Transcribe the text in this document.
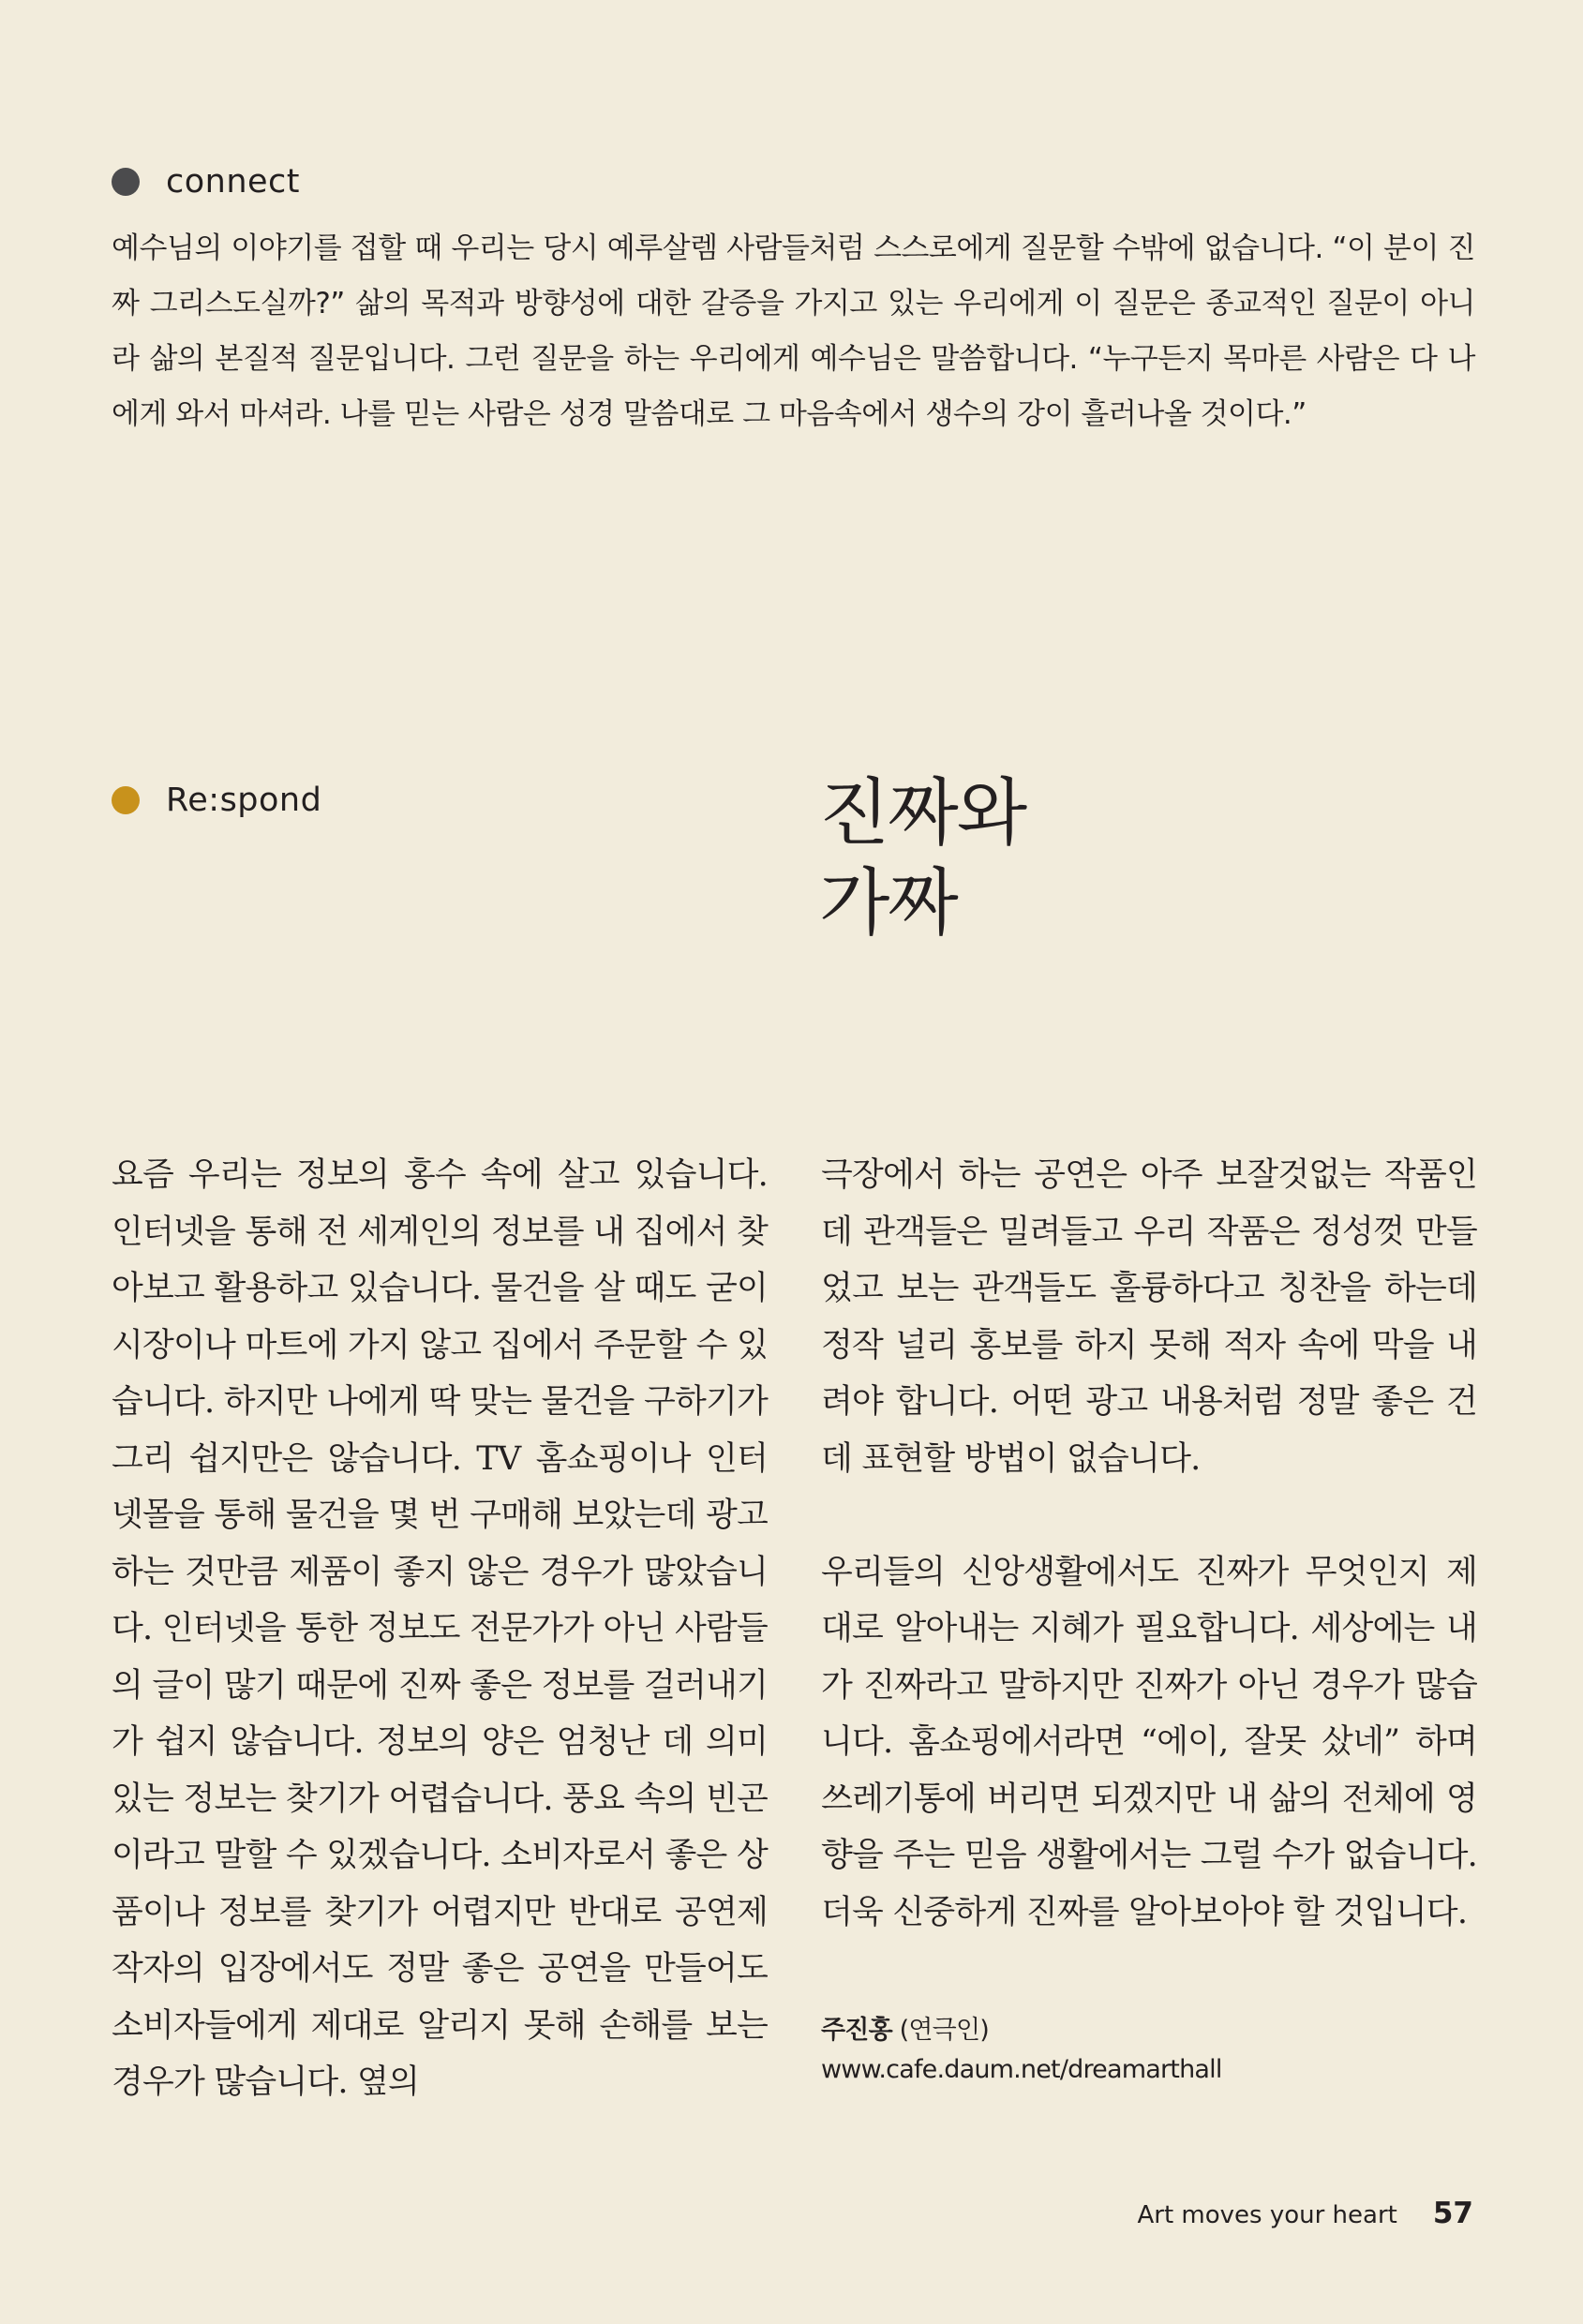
connect
예수님의 이야기를 접할 때 우리는 당시 예루살렘 사람들처럼 스스로에게 질문할 수밖에 없습니다. “이 분이 진짜 그리스도실까?” 삶의 목적과 방향성에 대한 갈증을 가지고 있는 우리에게 이 질문은 종교적인 질문이 아니라 삶의 본질적 질문입니다. 그런 질문을 하는 우리에게 예수님은 말씀합니다. “누구든지 목마른 사람은 다 나에게 와서 마셔라. 나를 믿는 사람은 성경 말씀대로 그 마음속에서 생수의 강이 흘러나올 것이다.”
Re:spond	진짜와
가짜

요즘 우리는 정보의 홍수 속에 살고 있습니다. 인터넷을 통해 전 세계인의 정보를 내 집에서 찾아보고 활용하고 있습니다. 물건을 살 때도 굳이 시장이나 마트에 가지 않고 집에서 주문할 수 있습니다. 하지만 나에게 딱 맞는 물건을 구하기가 그리 쉽지만은 않습니다. TV 홈쇼핑이나 인터넷몰을 통해 물건을 몇 번 구매해 보았는데 광고하는 것만큼 제품이 좋지 않은 경우가 많았습니다. 인터넷을 통한 정보도 전문가가 아닌 사람들의 글이 많기 때문에 진짜 좋은 정보를 걸러내기가 쉽지 않습니다. 정보의 양은 엄청난 데 의미 있는 정보는 찾기가 어렵습니다. 풍요 속의 빈곤이라고 말할 수 있겠습니다. 소비자로서 좋은 상품이나 정보를 찾기가 어렵지만 반대로 공연제작자의 입장에서도 정말 좋은 공연을 만들어도 소비자들에게 제대로 알리지 못해 손해를 보는 경우가 많습니다. 옆의

극장에서 하는 공연은 아주 보잘것없는 작품인데 관객들은 밀려들고 우리 작품은 정성껏 만들었고 보는 관객들도 훌륭하다고 칭찬을 하는데 정작 널리 홍보를 하지 못해 적자 속에 막을 내려야 합니다. 어떤 광고 내용처럼 정말 좋은 건데 표현할 방법이 없습니다.

우리들의 신앙생활에서도 진짜가 무엇인지 제대로 알아내는 지혜가 필요합니다. 세상에는 내가 진짜라고 말하지만 진짜가 아닌 경우가 많습니다. 홈쇼핑에서라면 “에이, 잘못 샀네” 하며 쓰레기통에 버리면 되겠지만 내 삶의 전체에 영향을 주는 믿음 생활에서는 그럴 수가 없습니다. 더욱 신중하게 진짜를 알아보아야 할 것입니다.

주진홍 (연극인)
www.cafe.daum.net/dreamarthall
Art moves your heart 57
